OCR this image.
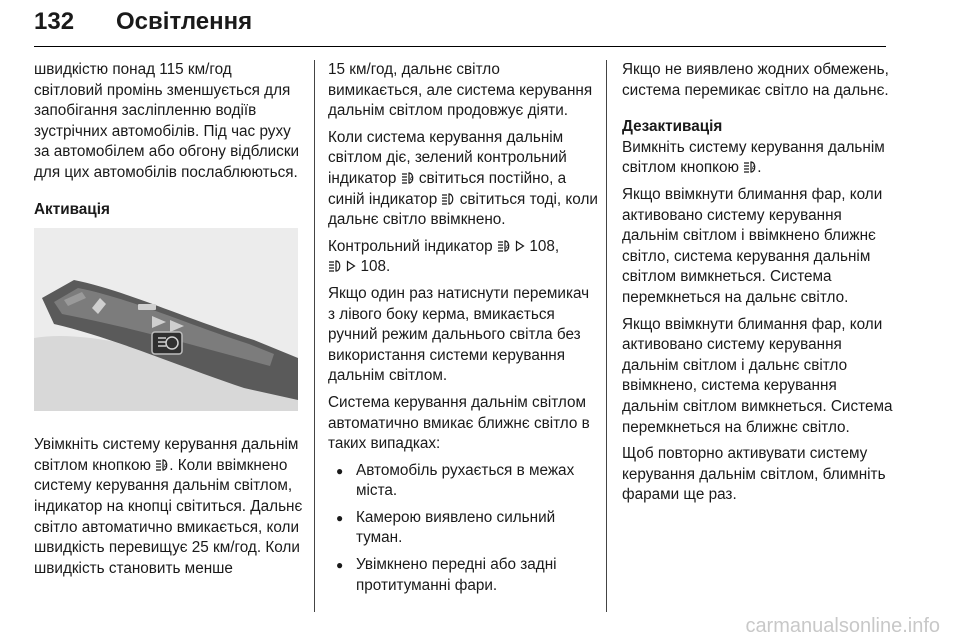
132 Освітлення

швидкістю понад 115 км/год світловий промінь зменшується для запобігання засліпленню водіїв зустрічних автомобілів. Під час руху за автомобілем або обгону відблиски для цих автомобілів послаблюються.

Активація

Увімкніть систему керування дальнім світлом кнопкою A . Коли ввімкнено систему керування дальнім світлом, індикатор на кнопці світиться. Дальнє світло автоматично вмикається, коли швидкість перевищує 25 км/год. Коли швидкість становить менше

15 км/год, дальнє світло вимикається, але система керування дальнім світлом продовжує діяти.

Коли система керування дальнім світлом діє, зелений контрольний індикатор A світиться постійно, а синій індикатор  світиться тоді, коли дальнє світло ввімкнено.

Контрольний індикатор A 108,
108.

Якщо один раз натиснути перемикач з лівого боку керма, вмикається ручний режим дальнього світла без використання системи керування дальнім світлом.

Система керування дальнім світлом автоматично вмикає ближнє світло в таких випадках:

● Автомобіль рухається в межах міста.
● Камерою виявлено сильний туман.
● Увімкнено передні або задні протитуманні фари.

Якщо не виявлено жодних обмежень, система перемикає світло на дальнє.

Дезактивація

Вимкніть систему керування дальнім світлом кнопкою A .

Якщо ввімкнути блимання фар, коли активовано систему керування дальнім світлом і ввімкнено ближнє світло, система керування дальнім світлом вимкнеться. Система перемкнеться на дальнє світло.

Якщо ввімкнути блимання фар, коли активовано систему керування дальнім світлом і дальнє світло ввімкнено, система керування дальнім світлом вимкнеться. Система перемкнеться на ближнє світло.

Щоб повторно активувати систему керування дальнім світлом, блимніть фарами ще раз.

carmanualsonline.info
